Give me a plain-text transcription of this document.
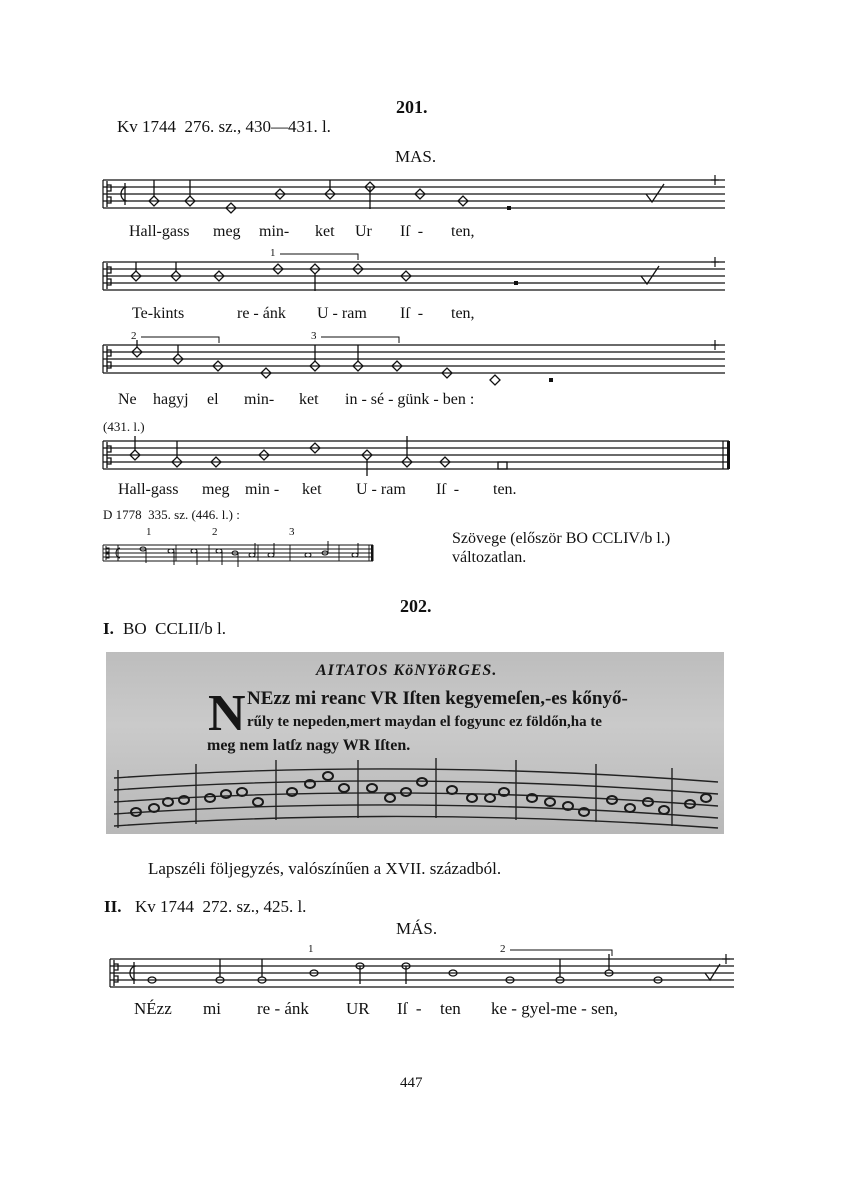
201.
Kv 1744  276. sz., 430—431. l.
MAS.
Hall-gass meg min- ket Ur Iſ  - ten,
1
Te-kints	re - ánk U - ram Iſ  - ten,
2	3
Ne hagyj el min- ket in - sé - günk - ben :
(431. l.)
Hall-gass meg min - ket U - ram Iſ  - ten.
D 1778  335. sz. (446. l.) :
1	2	3	Szövege (először BO CCLIV/b l.)
változatlan.
202.
I. BO  CCLII/b l.
AITATOS KöNYöRGES.
N NEzz mi reanc VR Iſten kegyemeſen,-es kőnyő-
rűly te nepeden,mert maydan el fogyunc ez földőn,ha te
meg nem latſz nagy WR Iſten.
Lapszéli följegyzés, valószínűen a XVII. századból.
II. Kv 1744  272. sz., 425. l.
MÁS.
1	2
NÉzz mi re - ánk UR Iſ  - ten ke - gyel-me - sen,
447
